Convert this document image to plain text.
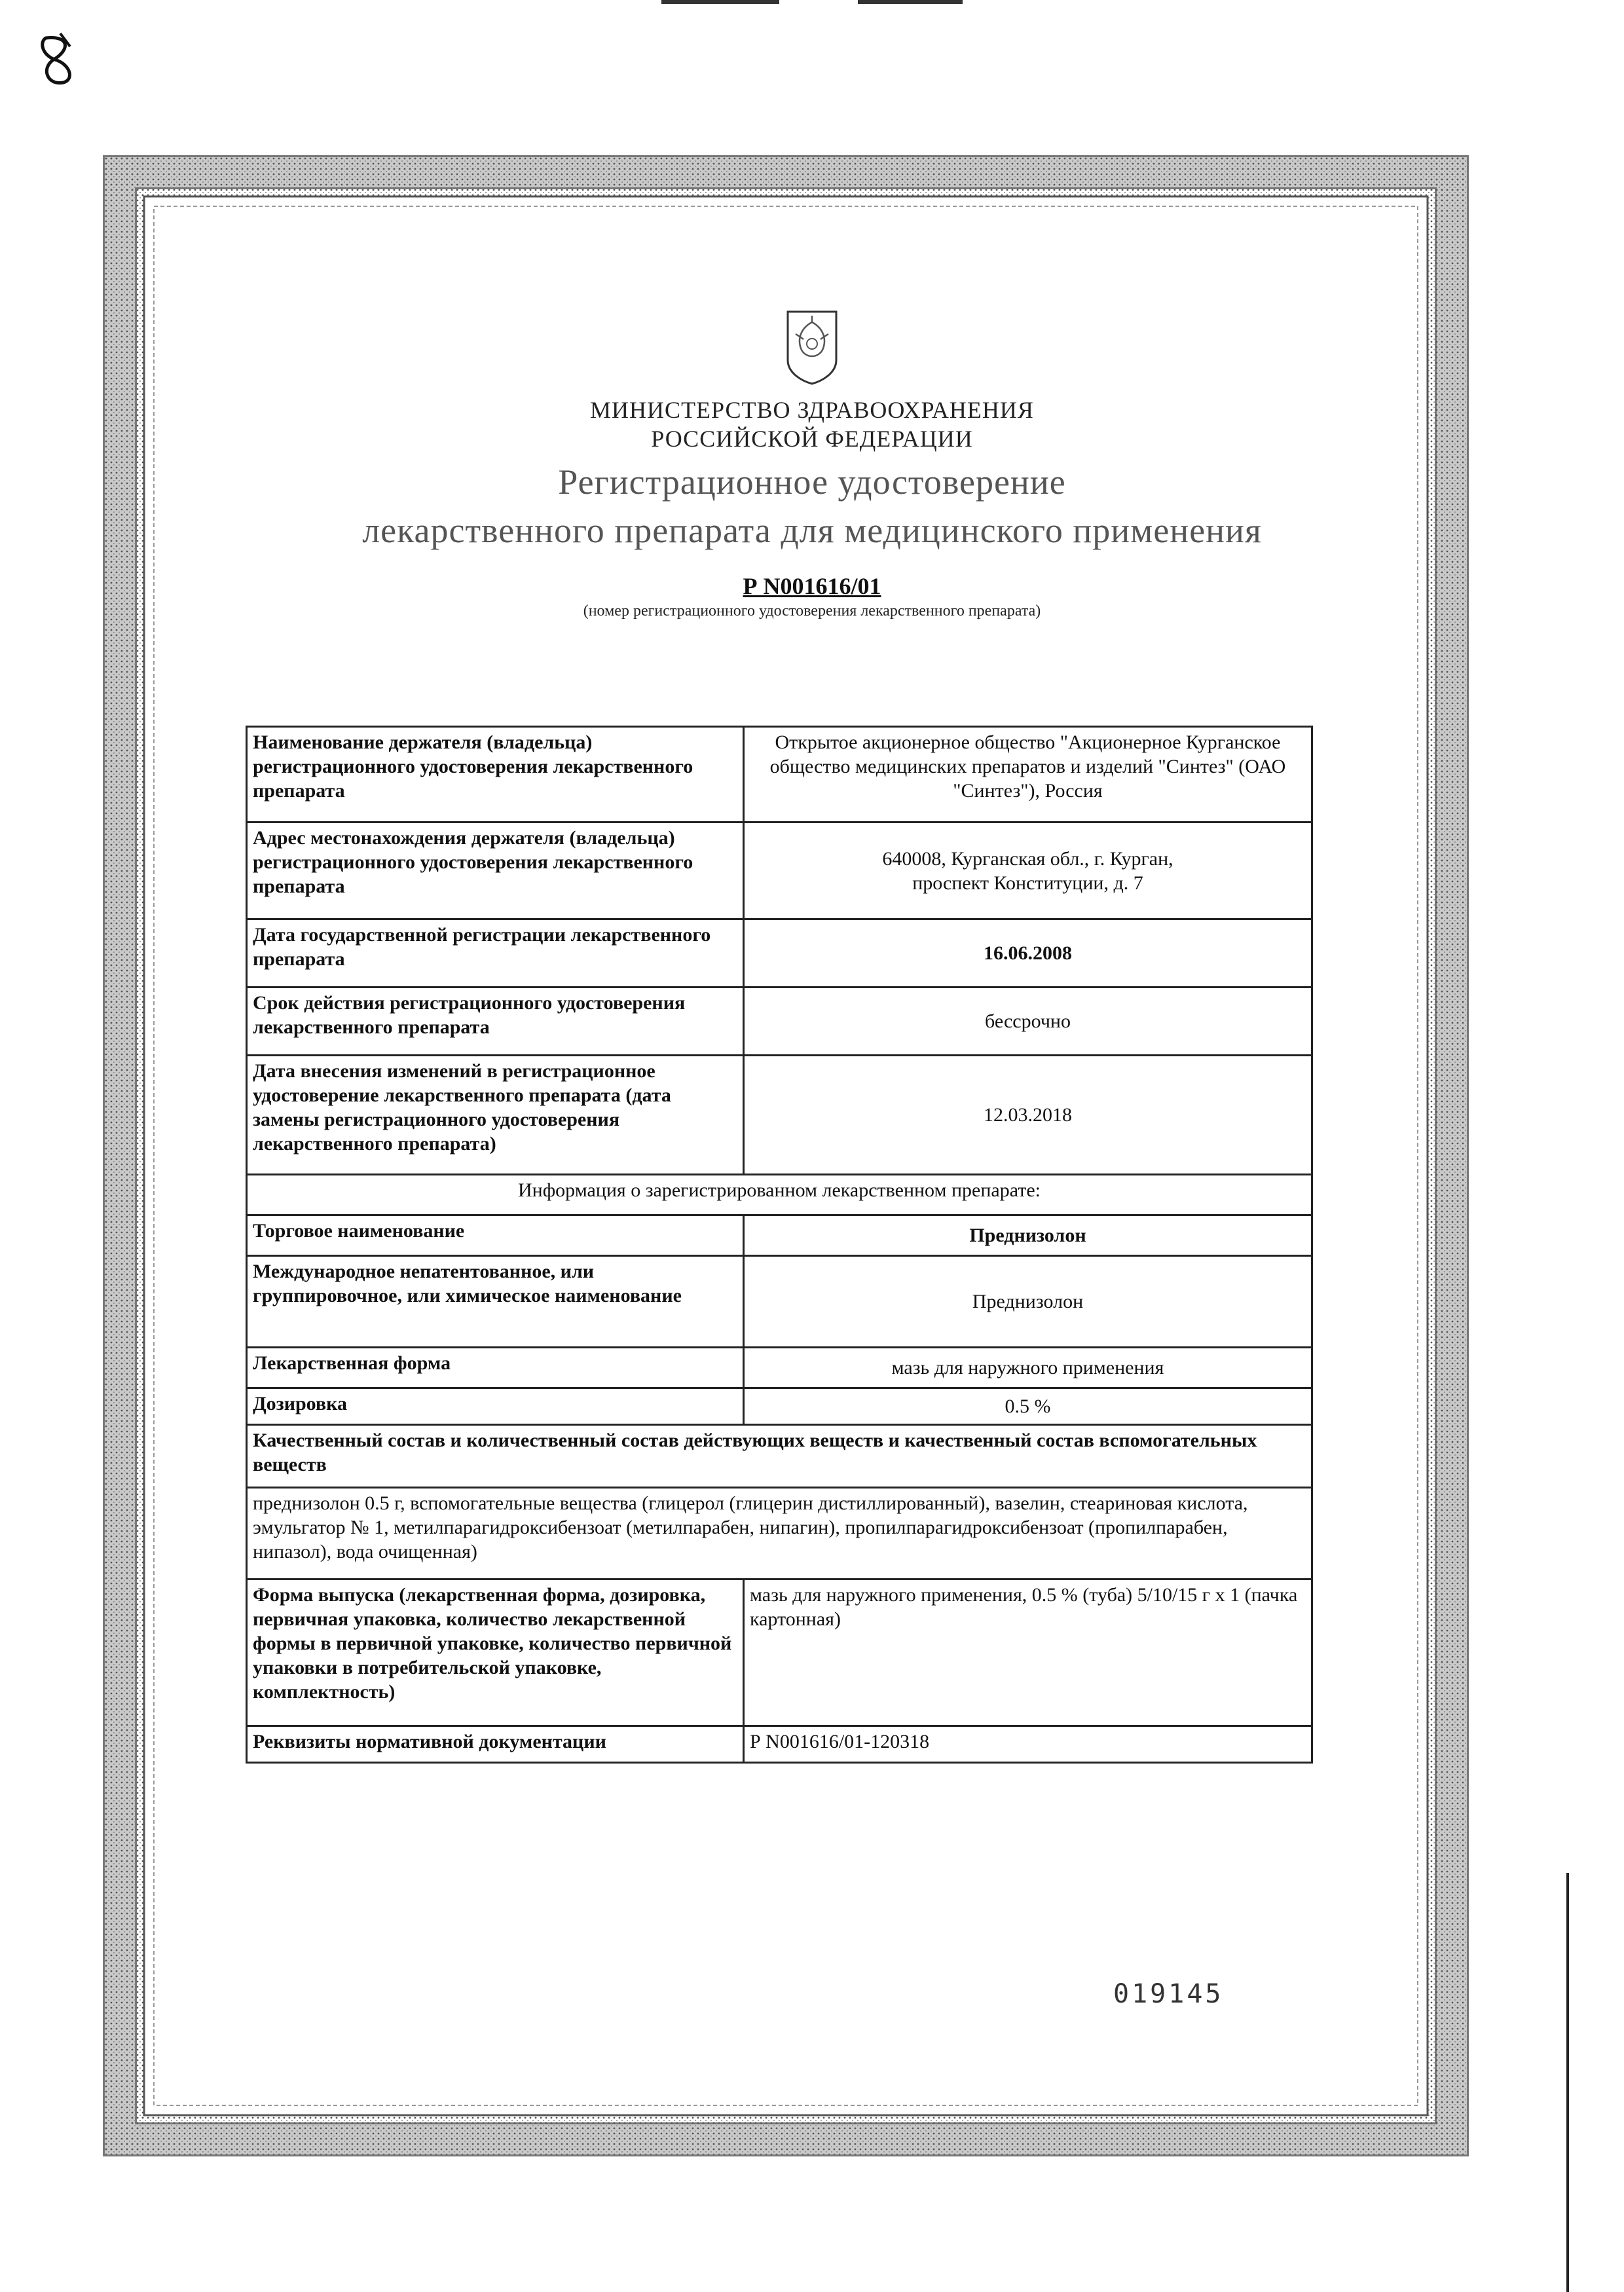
МИНИСТЕРСТВО ЗДРАВООХРАНЕНИЯ
РОССИЙСКОЙ ФЕДЕРАЦИИ
Регистрационное удостоверение
лекарственного препарата для медицинского применения
Р N001616/01
(номер регистрационного удостоверения лекарственного препарата)
Наименование держателя (владельца) регистрационного удостоверения лекарственного препарата	Открытое акционерное общество "Акционерное Курганское общество медицинских препаратов и изделий "Синтез" (ОАО "Синтез"), Россия
Адрес местонахождения держателя (владельца) регистрационного удостоверения лекарственного препарата	640008, Курганская обл., г. Курган,
проспект Конституции, д. 7

Дата государственной регистрации лекарственного препарата	16.06.2008
Срок действия регистрационного удостоверения лекарственного препарата	бессрочно
Дата внесения изменений в регистрационное удостоверение лекарственного препарата (дата замены регистрационного удостоверения лекарственного препарата)	12.03.2018
Информация о зарегистрированном лекарственном препарате:	
Торговое наименование	Преднизолон
Международное непатентованное, или группировочное, или химическое наименование	Преднизолон
Лекарственная форма	мазь для наружного применения
Дозировка	0.5 %
Качественный состав и количественный состав действующих веществ и качественный состав вспомогательных веществ	
преднизолон 0.5 г, вспомогательные вещества (глицерол (глицерин дистиллированный), вазелин, стеариновая кислота, эмульгатор № 1, метилпарагидроксибензоат (метилпарабен, нипагин), пропилпарагидроксибензоат (пропилпарабен, нипазол), вода очищенная)	
Форма выпуска (лекарственная форма, дозировка, первичная упаковка, количество лекарственной формы в первичной упаковке, количество первичной упаковки в потребительской упаковке, комплектность)	мазь для наружного применения, 0.5 % (туба) 5/10/15 г х 1 (пачка картонная)
Реквизиты нормативной документации	Р N001616/01-120318
019145
